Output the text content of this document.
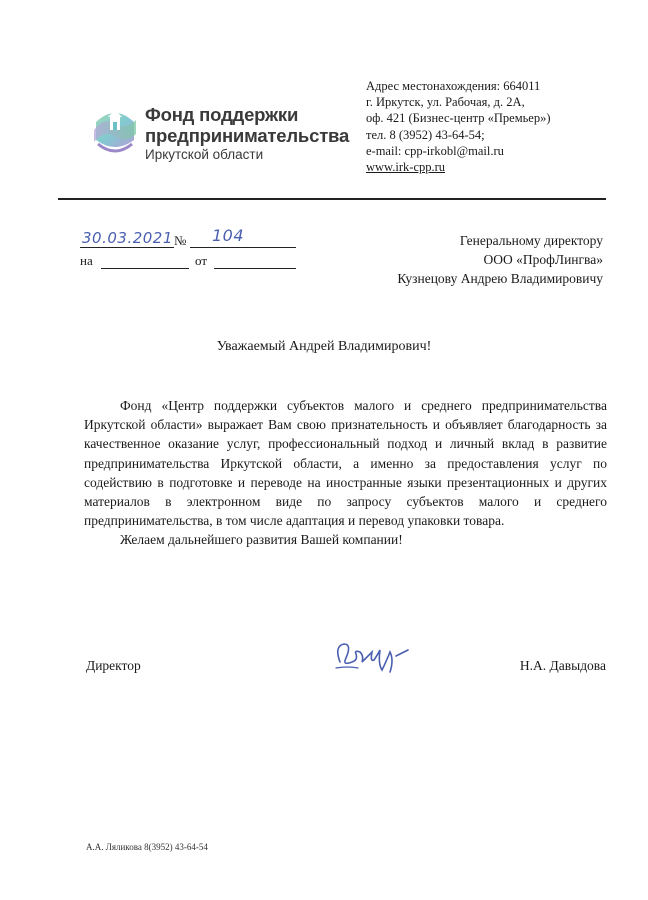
Фонд поддержки
предпринимательства
Иркутской области
Адрес местонахождения: 664011
г. Иркутск, ул. Рабочая, д. 2А,
оф. 421 (Бизнес-центр «Премьер»)
тел. 8 (3952) 43-64-54;
e-mail: cpp-irkobl@mail.ru
www.irk-cpp.ru
30.03.2021 № 104
на	от
Генеральному директору
ООО «ПрофЛингва»
Кузнецову Андрею Владимировичу
Уважаемый Андрей Владимирович!

Фонд «Центр поддержки субъектов малого и среднего предпринимательства Иркутской области» выражает Вам свою признательность и объявляет благодарность за качественное оказание услуг, профессиональный подход и личный вклад в развитие предпринимательства Иркутской области, а именно за предоставления услуг по содействию в подготовке и переводе на иностранные языки презентационных и других материалов в электронном виде по запросу субъектов малого и среднего предпринимательства, в том числе адаптация и перевод упаковки товара.

Желаем дальнейшего развития Вашей компании!

Директор	Н.А. Давыдова
А.А. Ляликова 8(3952) 43-64-54
